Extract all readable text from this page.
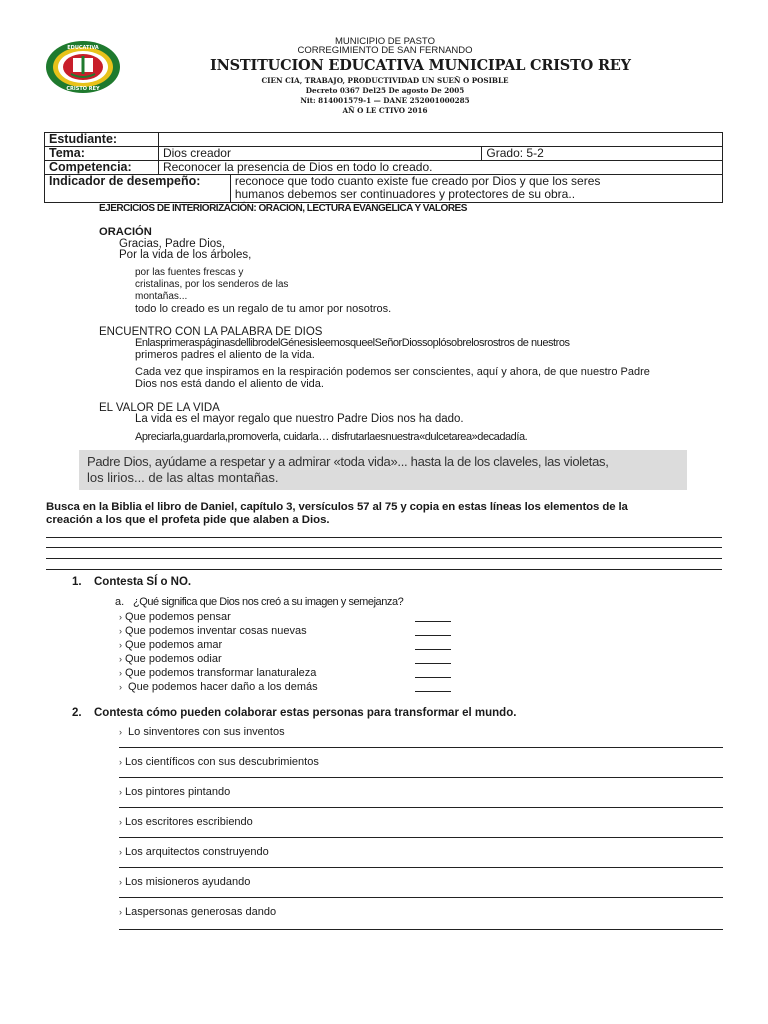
EDUCATIVA
CRISTO REY
MUNICIPIO DE PASTO
CORREGIMIENTO DE SAN FERNANDO
INSTITUCION EDUCATIVA MUNICIPAL CRISTO REY
CIEN CIA, TRABAJO, PRODUCTIVIDAD UN SUEÑ O POSIBLE
Decreto 0367 Del25 De agosto De 2005
Nit: 814001579-1 — DANE 252001000285
AÑ O LE CTIVO 2016
Estudiante:			
Tema:	Dios creador		Grado: 5-2
Competencia:	Reconocer la presencia de Dios en todo lo creado.		
Indicador de desempeño:		reconoce que todo cuanto existe fue creado por Dios y que los seres
humanos debemos ser continuadores y protectores de su obra..	
EJERCICIOS DE INTERIORIZACIÓN: ORACION, LECTURA EVANGÉLICA Y VALORES
ORACIÓN
Gracias, Padre Dios,
Por la vida de los árboles,
por las fuentes frescas y
cristalinas, por los senderos de las
montañas...
todo lo creado es un regalo de tu amor por nosotros.
ENCUENTRO CON LA PALABRA DE DIOS
EnlasprimeraspáginasdellibrodelGénesisleemosqueelSeñorDiossoplósobrelosrostros de nuestros
primeros padres el aliento de la vida.
Cada vez que inspiramos en la respiración podemos ser conscientes, aquí y ahora, de que nuestro Padre
Dios nos está dando el aliento de vida.
EL VALOR DE LA VIDA
La vida es el mayor regalo que nuestro Padre Dios nos ha dado.
Apreciarla,guardarla,promoverla, cuidarla… disfrutarlaesnuestra«dulcetarea»decadadía.
Padre Dios, ayúdame a respetar y a admirar «toda vida»... hasta la de los claveles, las violetas,
los lirios... de las altas montañas.
Busca en la Biblia el libro de Daniel, capítulo 3, versículos 57 al 75 y copia en estas líneas los elementos de la
creación a los que el profeta pide que alaben a Dios.
1. Contesta SÍ o NO.
a. ¿Qué significa que Dios nos creó a su imagen y semejanza?
› Que podemos pensar
› Que podemos inventar cosas nuevas
› Que podemos amar
› Que podemos odiar
› Que podemos transformar lanaturaleza
› Que podemos hacer daño a los demás
2. Contesta cómo pueden colaborar estas personas para transformar el mundo.
› Lo sinventores con sus inventos
› Los científicos con sus descubrimientos
› Los pintores pintando
› Los escritores escribiendo
› Los arquitectos construyendo
› Los misioneros ayudando
› Laspersonas generosas dando
